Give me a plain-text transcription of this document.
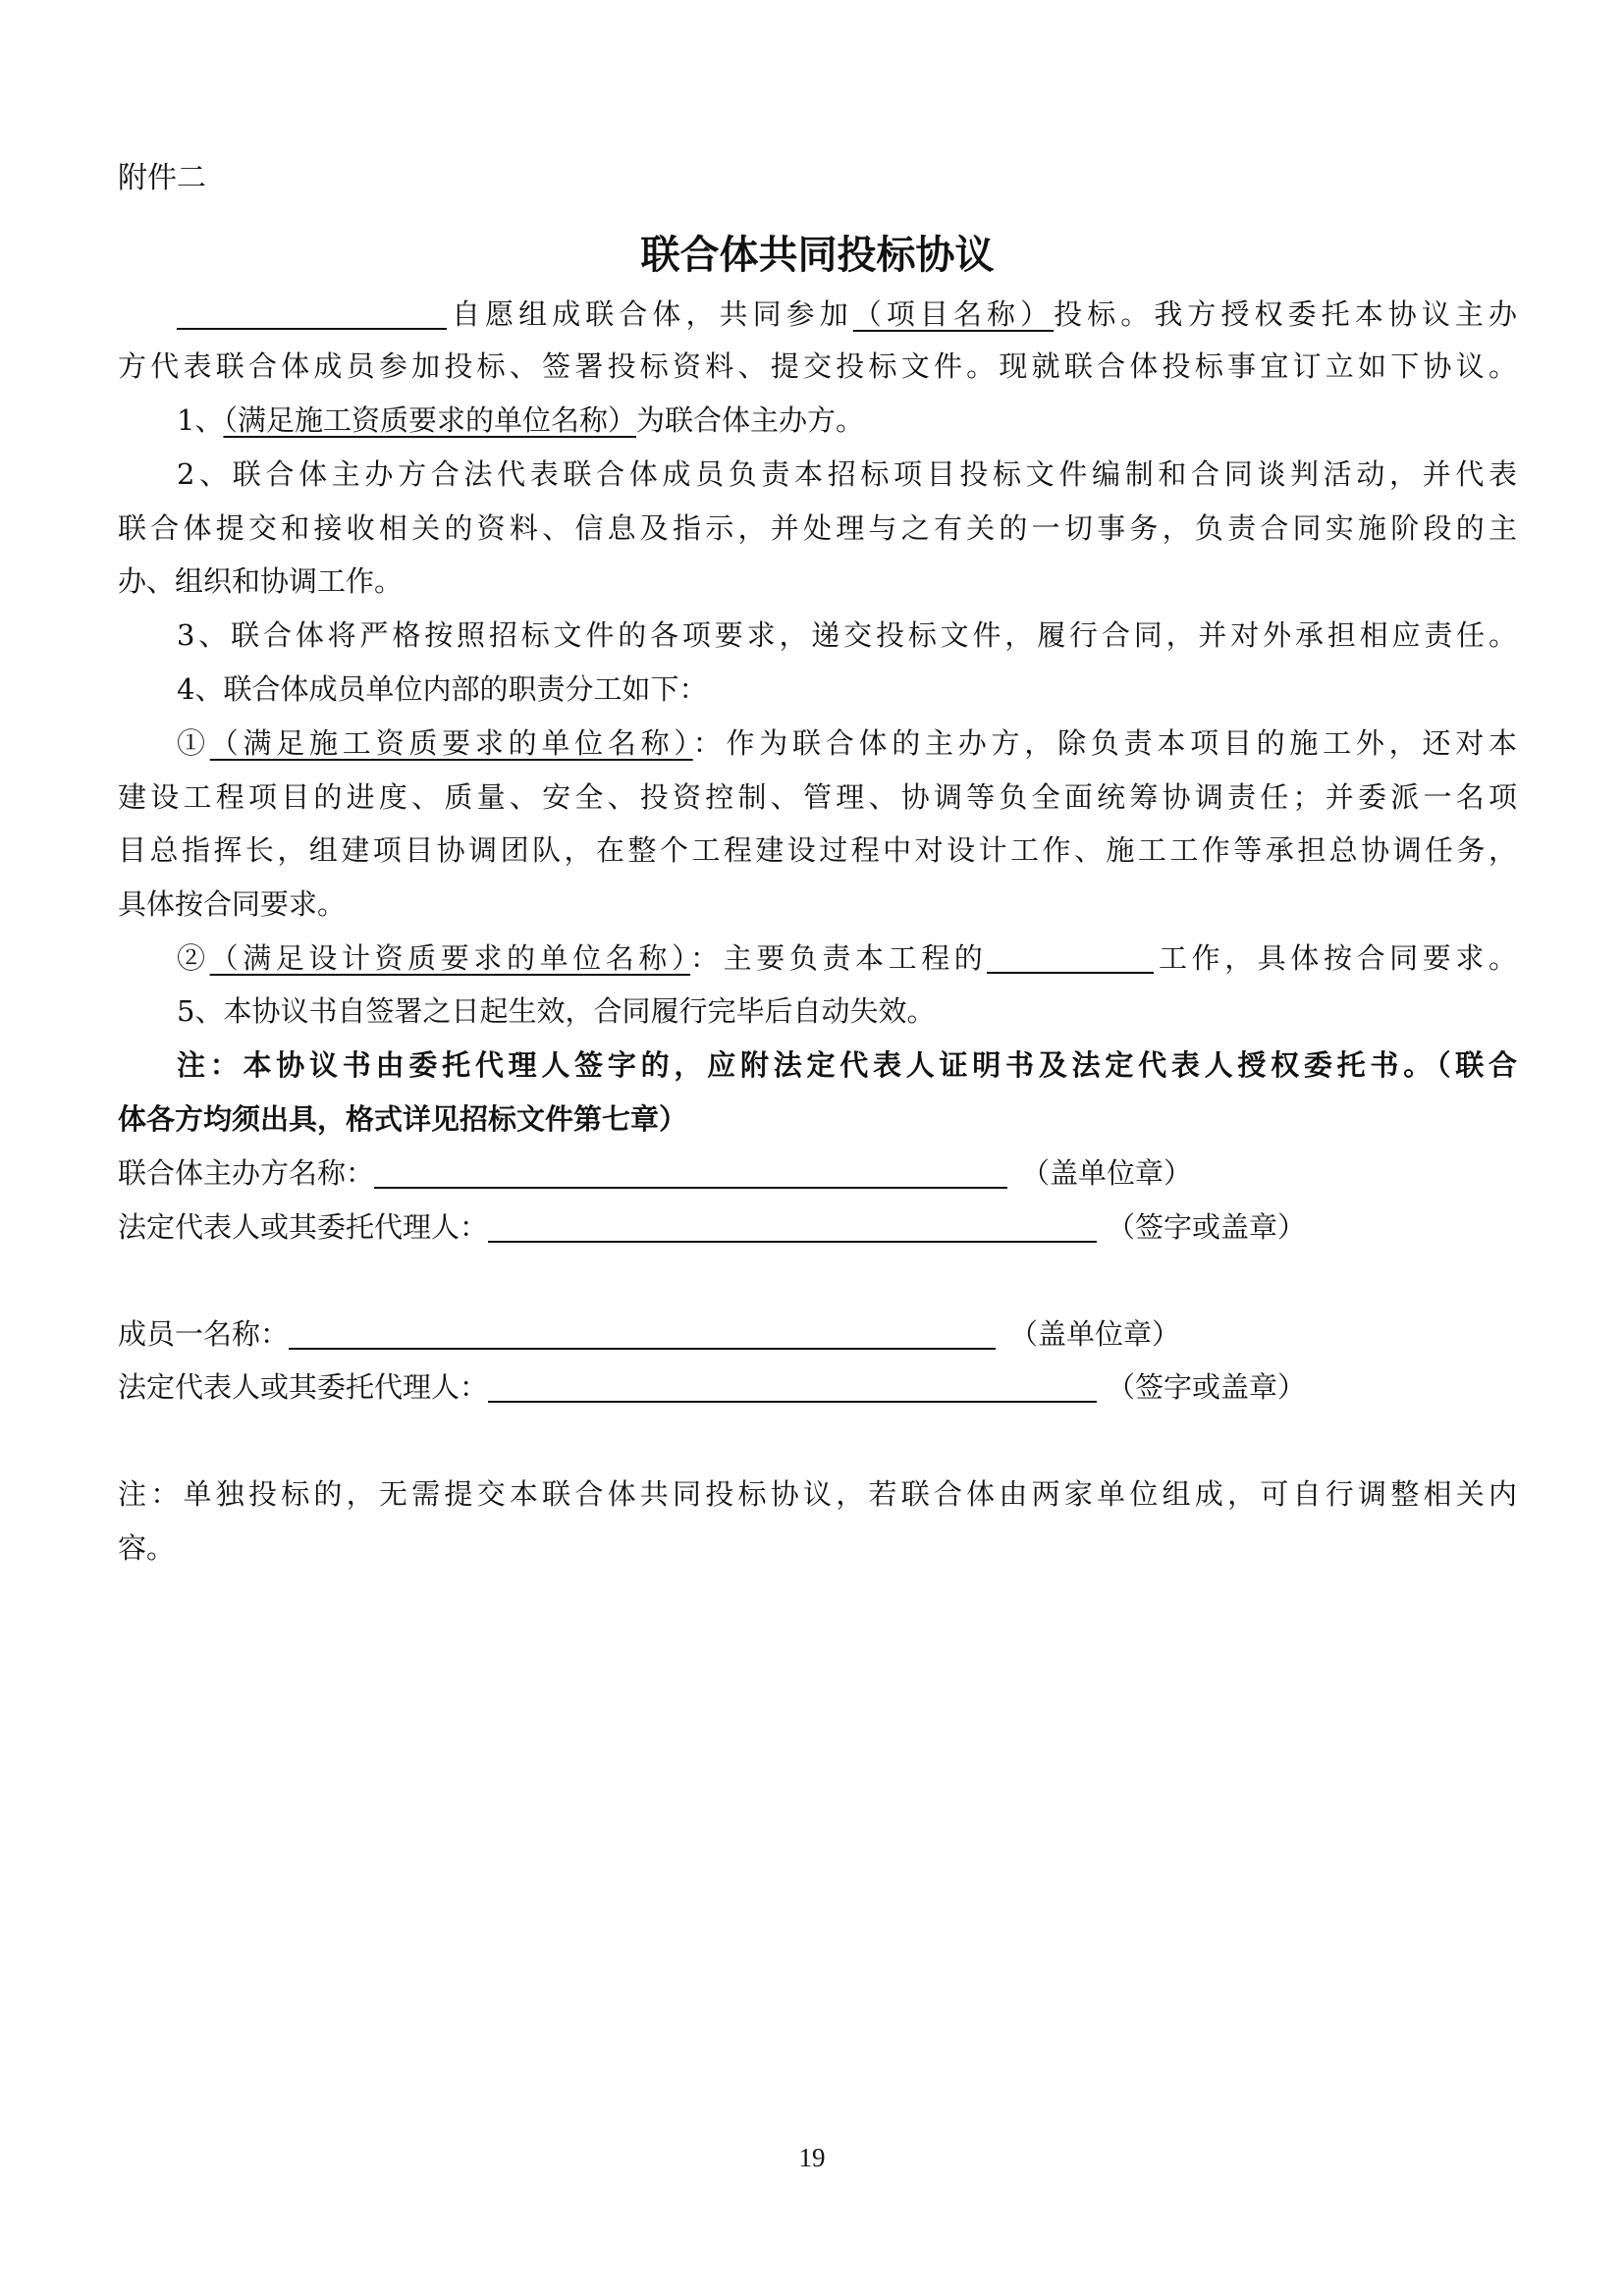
附件二
联合体共同投标协议
自愿组成联合体，共同参加（项目名称）投标。我方授权委托本协议主办
方代表联合体成员参加投标、签署投标资料、提交投标文件。现就联合体投标事宜订立如下协议。
1、（满足施工资质要求的单位名称）为联合体主办方。
2、联合体主办方合法代表联合体成员负责本招标项目投标文件编制和合同谈判活动，并代表
联合体提交和接收相关的资料、信息及指示，并处理与之有关的一切事务，负责合同实施阶段的主
办、组织和协调工作。
3、联合体将严格按照招标文件的各项要求，递交投标文件，履行合同，并对外承担相应责任。
4、联合体成员单位内部的职责分工如下：
①（满足施工资质要求的单位名称）：作为联合体的主办方，除负责本项目的施工外，还对本
建设工程项目的进度、质量、安全、投资控制、管理、协调等负全面统筹协调责任；并委派一名项
目总指挥长，组建项目协调团队，在整个工程建设过程中对设计工作、施工工作等承担总协调任务，
具体按合同要求。
②（满足设计资质要求的单位名称）：主要负责本工程的	工作，具体按合同要求。
5、本协议书自签署之日起生效，合同履行完毕后自动失效。
注：本协议书由委托代理人签字的，应附法定代表人证明书及法定代表人授权委托书。（联合
体各方均须出具，格式详见招标文件第七章）
联合体主办方名称：	（盖单位章）
法定代表人或其委托代理人：	（签字或盖章）
成员一名称：	（盖单位章）
法定代表人或其委托代理人：	（签字或盖章）
注：单独投标的，无需提交本联合体共同投标协议，若联合体由两家单位组成，可自行调整相关内
容。
19
